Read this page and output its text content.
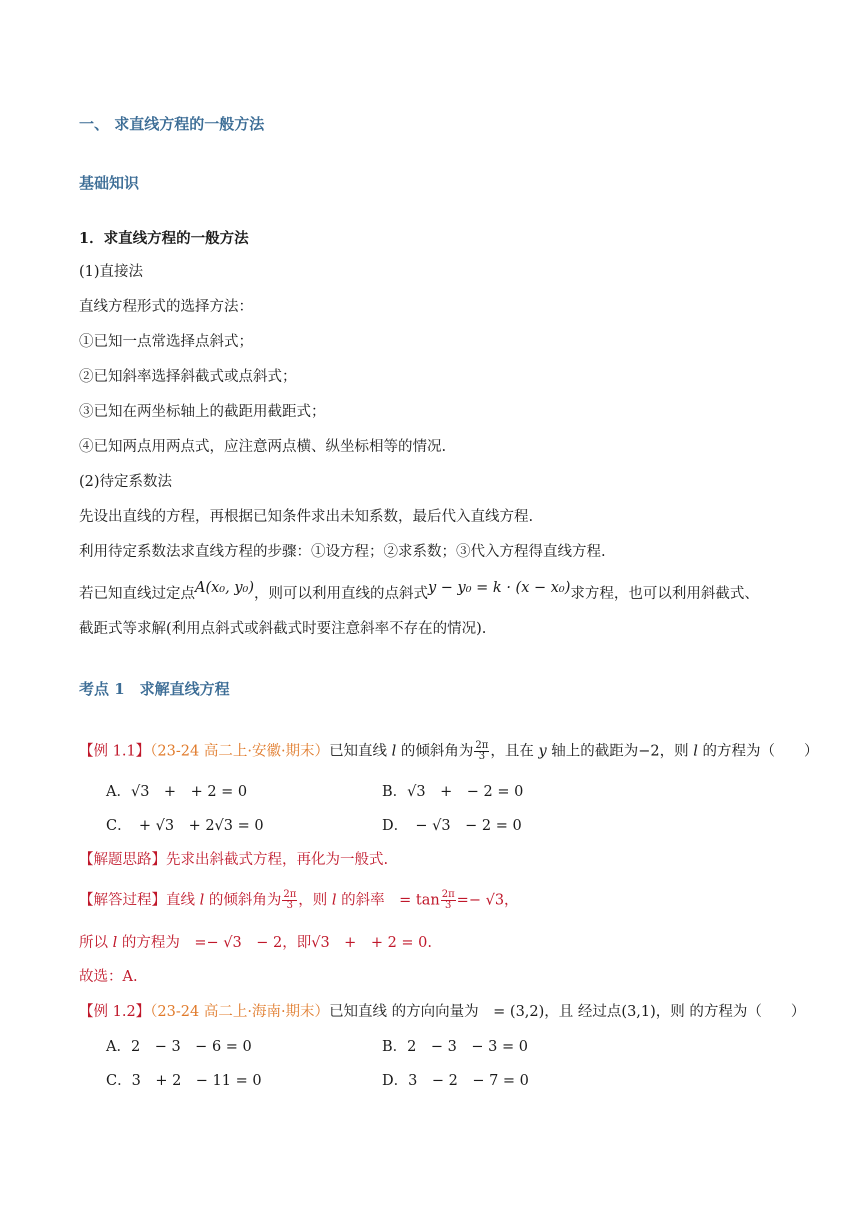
一、 求直线方程的一般方法
基础知识
1．求直线方程的一般方法
(1)直接法
直线方程形式的选择方法：
①已知一点常选择点斜式；
②已知斜率选择斜截式或点斜式；
③已知在两坐标轴上的截距用截距式；
④已知两点用两点式，应注意两点横、纵坐标相等的情况.
(2)待定系数法
先设出直线的方程，再根据已知条件求出未知系数，最后代入直线方程.
利用待定系数法求直线方程的步骤：①设方程；②求系数；③代入方程得直线方程.
若已知直线过定点A(x₀, y₀)，则可以利用直线的点斜式y − y₀ = k · (x − x₀)求方程，也可以利用斜截式、
截距式等求解(利用点斜式或斜截式时要注意斜率不存在的情况).
考点 1　求解直线方程
【例 1.1】（23-24 高二上·安徽·期末）已知直线 l 的倾斜角为 $\frac{2\pi}{3}$ ，且在 y 轴上的截距为−2，则 l 的方程为（　　）
A．√3　+　+ 2 = 0	B．√3　+　− 2 = 0
C．　+ √3　+ 2√3 = 0	D．　− √3　− 2 = 0
【解题思路】先求出斜截式方程，再化为一般式.
【解答过程】直线 l 的倾斜角为 $\frac{2\pi}{3}$ ，则 l 的斜率　= $\tan \frac{2\pi}{3} =- √3$，
所以 l 的方程为　=− √3　− 2，即√3　+　+ 2 = 0.
故选：A.
【例 1.2】（23-24 高二上·海南·期末）已知直线 的方向向量为　= (3,2)，且 经过点(3,1)，则 的方程为（　　）
A．2　− 3　− 6 = 0	B．2　− 3　− 3 = 0
C．3　+ 2　− 11 = 0	D．3　− 2　− 7 = 0
